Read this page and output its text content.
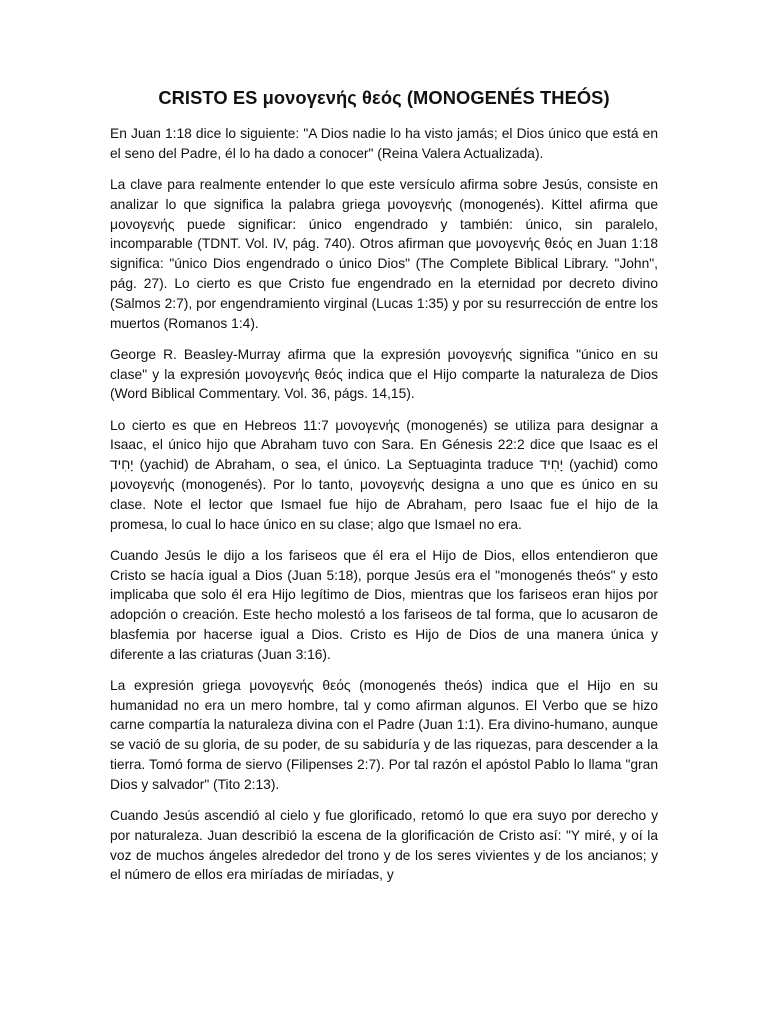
CRISTO ES μονογενής θεός (MONOGENÉS THEÓS)

En Juan 1:18 dice lo siguiente: "A Dios nadie lo ha visto jamás; el Dios único que está en el seno del Padre, él lo ha dado a conocer" (Reina Valera Actualizada).

La clave para realmente entender lo que este versículo afirma sobre Jesús, consiste en analizar lo que significa la palabra griega μονογενής (monogenés). Kittel afirma que μονογενής puede significar: único engendrado y también: único, sin paralelo, incomparable (TDNT. Vol. IV, pág. 740). Otros afirman que μονογενής θεός en Juan 1:18 significa: "único Dios engendrado o único Dios" (The Complete Biblical Library. "John", pág. 27). Lo cierto es que Cristo fue engendrado en la eternidad por decreto divino (Salmos 2:7), por engendramiento virginal (Lucas 1:35) y por su resurrección de entre los muertos (Romanos 1:4).

George R. Beasley-Murray afirma que la expresión μονογενής significa "único en su clase" y la expresión μονογενής θεός indica que el Hijo comparte la naturaleza de Dios (Word Biblical Commentary. Vol. 36, págs. 14,15).

Lo cierto es que en Hebreos 11:7 μονογενής (monogenés) se utiliza para designar a Isaac, el único hijo que Abraham tuvo con Sara. En Génesis 22:2 dice que Isaac es el יָחִיד (yachid) de Abraham, o sea, el único. La Septuaginta traduce יָחִיד (yachid) como μονογενής (monogenés). Por lo tanto, μονογενής designa a uno que es único en su clase. Note el lector que Ismael fue hijo de Abraham, pero Isaac fue el hijo de la promesa, lo cual lo hace único en su clase; algo que Ismael no era.

Cuando Jesús le dijo a los fariseos que él era el Hijo de Dios, ellos entendieron que Cristo se hacía igual a Dios (Juan 5:18), porque Jesús era el "monogenés theós" y esto implicaba que solo él era Hijo legítimo de Dios, mientras que los fariseos eran hijos por adopción o creación. Este hecho molestó a los fariseos de tal forma, que lo acusaron de blasfemia por hacerse igual a Dios. Cristo es Hijo de Dios de una manera única y diferente a las criaturas (Juan 3:16).

La expresión griega μονογενής θεός (monogenés theós) indica que el Hijo en su humanidad no era un mero hombre, tal y como afirman algunos. El Verbo que se hizo carne compartía la naturaleza divina con el Padre (Juan 1:1). Era divino-humano, aunque se vació de su gloria, de su poder, de su sabiduría y de las riquezas, para descender a la tierra. Tomó forma de siervo (Filipenses 2:7). Por tal razón el apóstol Pablo lo llama "gran Dios y salvador" (Tito 2:13).

Cuando Jesús ascendió al cielo y fue glorificado, retomó lo que era suyo por derecho y por naturaleza. Juan describió la escena de la glorificación de Cristo así: "Y miré, y oí la voz de muchos ángeles alrededor del trono y de los seres vivientes y de los ancianos; y el número de ellos era miríadas de miríadas, y
